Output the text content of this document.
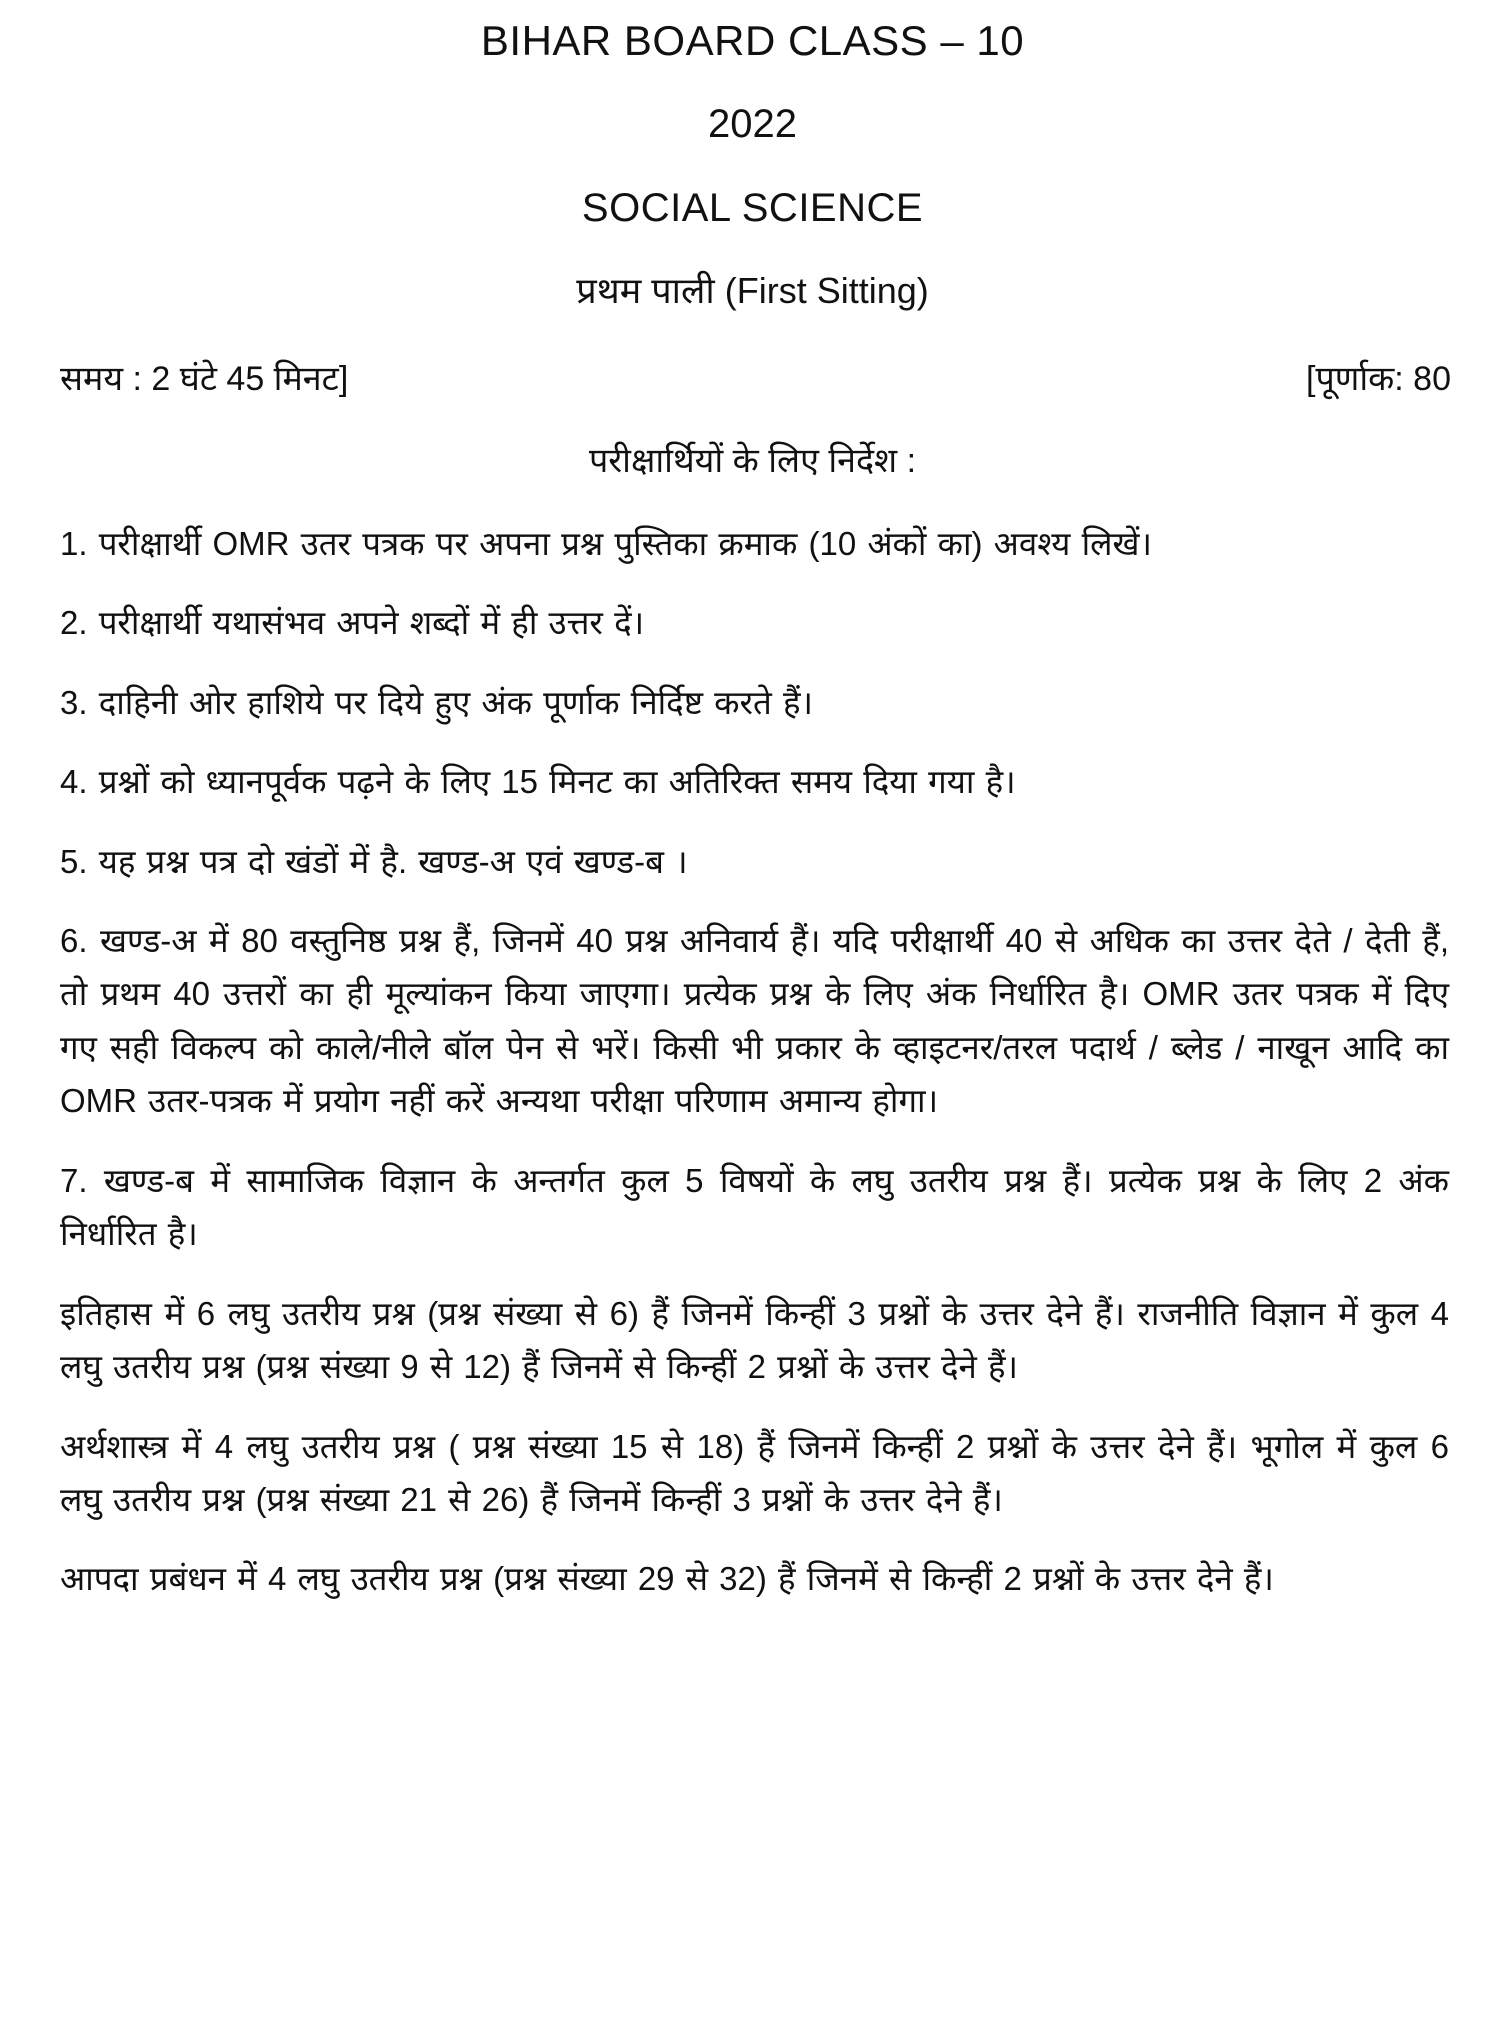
BIHAR BOARD CLASS – 10
2022
SOCIAL SCIENCE
प्रथम पाली (First Sitting)
समय : 2 घंटे 45 मिनट]	[पूर्णाक: 80
परीक्षार्थियों के लिए निर्देश :

1. परीक्षार्थी OMR उतर पत्रक पर अपना प्रश्न पुस्तिका क्रमाक (10 अंकों का) अवश्य लिखें।

2. परीक्षार्थी यथासंभव अपने शब्दों में ही उत्तर दें।

3. दाहिनी ओर हाशिये पर दिये हुए अंक पूर्णाक निर्दिष्ट करते हैं।

4. प्रश्नों को ध्यानपूर्वक पढ़ने के लिए 15 मिनट का अतिरिक्त समय दिया गया है।

5. यह प्रश्न पत्र दो खंडों में है. खण्ड-अ एवं खण्ड-ब ।

6. खण्ड-अ में 80 वस्तुनिष्ठ प्रश्न हैं, जिनमें 40 प्रश्न अनिवार्य हैं। यदि परीक्षार्थी 40 से अधिक का उत्तर देते / देती हैं, तो प्रथम 40 उत्तरों का ही मूल्यांकन किया जाएगा। प्रत्येक प्रश्न के लिए अंक निर्धारित है। OMR उतर पत्रक में दिए गए सही विकल्प को काले/नीले बॉल पेन से भरें। किसी भी प्रकार के व्हाइटनर/तरल पदार्थ / ब्लेड / नाखून आदि का OMR उतर-पत्रक में प्रयोग नहीं करें अन्यथा परीक्षा परिणाम अमान्य होगा।

7. खण्ड-ब में सामाजिक विज्ञान के अन्तर्गत कुल 5 विषयों के लघु उतरीय प्रश्न हैं। प्रत्येक प्रश्न के लिए 2 अंक निर्धारित है।

इतिहास में 6 लघु उतरीय प्रश्न (प्रश्न संख्या से 6) हैं जिनमें किन्हीं 3 प्रश्नों के उत्तर देने हैं। राजनीति विज्ञान में कुल 4 लघु उतरीय प्रश्न (प्रश्न संख्या 9 से 12) हैं जिनमें से किन्हीं 2 प्रश्नों के उत्तर देने हैं।

अर्थशास्त्र में 4 लघु उतरीय प्रश्न ( प्रश्न संख्या 15 से 18) हैं जिनमें किन्हीं 2 प्रश्नों के उत्तर देने हैं। भूगोल में कुल 6 लघु उतरीय प्रश्न (प्रश्न संख्या 21 से 26) हैं जिनमें किन्हीं 3 प्रश्नों के उत्तर देने हैं।

आपदा प्रबंधन में 4 लघु उतरीय प्रश्न (प्रश्न संख्या 29 से 32) हैं जिनमें से किन्हीं 2 प्रश्नों के उत्तर देने हैं।
